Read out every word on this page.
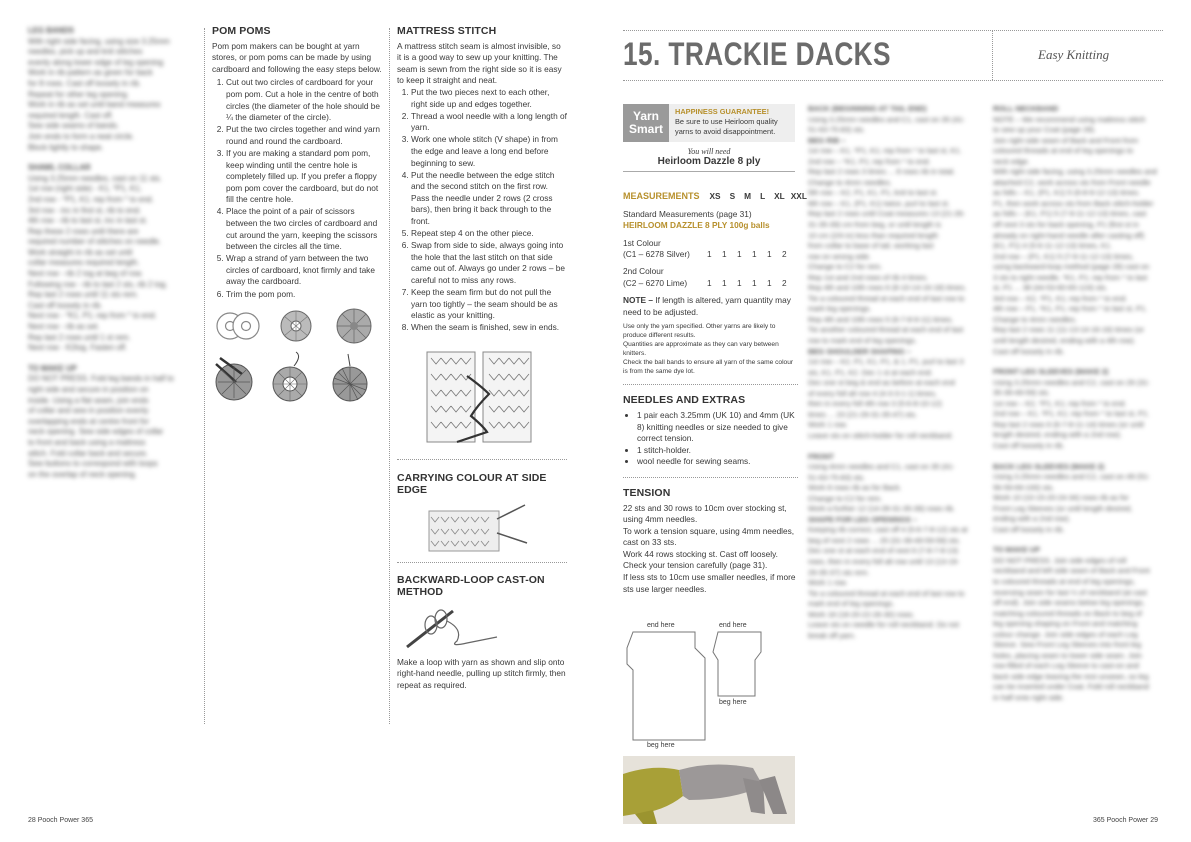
LEG BANDS
With right side facing, using size 3.25mm
needles, pick up and knit stitches
evenly along lower edge of leg opening
Work in rib pattern as given for back
for 8 rows. Cast off loosely in rib.
Repeat for other leg opening.
Work in rib as set until band measures
required length. Cast off.
Sew side seams of bands.
Join ends to form a neat circle.
Block lightly to shape.
SHAWL COLLAR
Using 3.25mm needles, cast on 11 sts.
1st row (right side) - K1, *P1, K1;
2nd row - *P1, K1; rep from * to end.
3rd row - inc in first st, rib to end.
4th row - rib to last st, inc in last st.
Rep these 2 rows until there are
required number of stitches on needle.
Work straight in rib as set until
collar measures required length.
Next row - rib 2 tog at beg of row.
Following row - rib to last 2 sts, rib 2 tog.
Rep last 2 rows until 11 sts rem.
Cast off loosely in rib.
Next row - *K1, P1; rep from * to end.
Next row - rib as set.
Rep last 2 rows until 1 st rem.
Next row - K2tog. Fasten off.
TO MAKE UP
DO NOT PRESS. Fold leg bands in half to
right side and secure in position on
inside. Using a flat seam, join ends
of collar and sew in position evenly
overlapping ends at centre front for
neck opening. Sew side edges of collar
to front and back using a mattress
stitch. Fold collar back and secure.
Sew buttons to correspond with loops
on the overlap of neck opening.
POM POMS

Pom pom makers can be bought at yarn stores, or pom poms can be made by using cardboard and following the easy steps below.

1. Cut out two circles of cardboard for your pom pom. Cut a hole in the centre of both circles (the diameter of the hole should be ¼ the diameter of the circle).
2. Put the two circles together and wind yarn round and round the cardboard.
3. If you are making a standard pom pom, keep winding until the centre hole is completely filled up. If you prefer a floppy pom pom cover the cardboard, but do not fill the centre hole.
4. Place the point of a pair of scissors between the two circles of cardboard and cut around the yarn, keeping the scissors between the circles all the time.
5. Wrap a strand of yarn between the two circles of cardboard, knot firmly and take away the cardboard.
6. Trim the pom pom.
MATTRESS STITCH

A mattress stitch seam is almost invisible, so it is a good way to sew up your knitting. The seam is sewn from the right side so it is easy to keep it straight and neat.

1. Put the two pieces next to each other, right side up and edges together.
2. Thread a wool needle with a long length of yarn.
3. Work one whole stitch (V shape) in from the edge and leave a long end before beginning to sew.
4. Put the needle between the edge stitch and the second stitch on the first row. Pass the needle under 2 rows (2 cross bars), then bring it back through to the front.
5. Repeat step 4 on the other piece.
6. Swap from side to side, always going into the hole that the last stitch on that side came out of. Always go under 2 rows – be careful not to miss any rows.
7. Keep the seam firm but do not pull the yarn too tightly – the seam should be as elastic as your knitting.
8. When the seam is finished, sew in ends.
CARRYING COLOUR AT SIDE EDGE
BACKWARD-LOOP CAST-ON METHOD

Make a loop with yarn as shown and slip onto right-hand needle, pulling up stitch firmly, then repeat as required.

28 Pooch Power 365
15. TRACKIE DACKS	Easy Knitting
Yarn
Smart
HAPPINESS GUARANTEE!
Be sure to use Heirloom quality yarns to avoid disappointment.
You will need
Heirloom Dazzle 8 ply
MEASUREMENTS XS S M L XL XXL

Standard Measurements (page 31)

HEIRLOOM DAZZLE 8 PLY 100g balls

1st Colour

(C1 – 6278 Silver)	1	1	1	1	1	2

2nd Colour

(C2 – 6270 Lime)	1	1	1	1	1	2

NOTE – If length is altered, yarn quantity may need to be adjusted.

Use only the yarn specified. Other yarns are likely to produce different results.

Quantities are approximate as they can vary between knitters.

Check the ball bands to ensure all yarn of the same colour is from the same dye lot.

NEEDLES AND EXTRAS
• 1 pair each 3.25mm (UK 10) and 4mm (UK 8) knitting needles or size needed to give correct tension.
• 1 stitch-holder.
• wool needle for sewing seams.
TENSION

22 sts and 30 rows to 10cm over stocking st, using 4mm needles.

To work a tension square, using 4mm needles, cast on 33 sts.

Work 44 rows stocking st. Cast off loosely.

Check your tension carefully (page 31).

If less sts to 10cm use smaller needles, if more sts use larger needles.

end here	end here
beg here
beg here
BACK (BEGINNING AT TAIL END)
Using 3.25mm needles and C1, cast on 35 (41-
51-63-75-83) sts.
BEG RIB –
1st row – K1, *P1, K1; rep from * to last st, K1.
2nd row – *K1, P1; rep from * to end.
Rep last 2 rows 3 times ... 8 rows rib in total.
Change to 4mm needles.
5th row – K2, P1, K1, P1, knit to last st.
6th row – K1, (P1, K1) twice, purl to last st.
Rep last 2 rows until Coat measures 13 (21-26-
31-35-39) cm from beg, or until length is
10 cm (2/4 in) less than required length
from collar to base of tail, working last
row on wrong side.
Change to C2 for rem.
Rep 1st and 2nd rows of rib 4 times.
Rep 4th and 10th rows 6 (8-10-14-16-18) times.
Tie a coloured thread at each end of last row to
mark leg openings.
Rep 4th and 10th rows 5 (6-7-8-9-11) times.
Tie another coloured thread at each end of last
row to mark end of leg openings.
BEG SHOULDER SHAPING –
1st row – K2, P1, K1, P1, & 1, P1, purl to last 3
sts, K1, P1, K2. Dec 1 st at each end.
Dec one st beg & end as before at each end
of every foll alt row 4 (4-3-3-1-1) times,
then in every foll 4th row 3 (5-6-8-10-12)
times ... 23 (21-29-31-35-47) sts.
Work 1 row.
Leave sts on stitch-holder for roll neckband.
FRONT
Using 4mm needles and C1, cast on 35 (41-
51-63-75-83) sts.
Work 8 rows rib as for Back.
Change to C2 for rem.
Work a further 12 (14-28-31-35-39) rows rib.
SHAPE FOR LEG OPENINGS –
Keeping rib correct, cast off 4 (5-6-7-8-12) sts at
beg of next 2 rows ... 25 (31-39-49-59-59) sts.
Dec one st at each end of next 6 (7-8-7-8-13)
rows, then in every foll alt row until 13 (13-19-
29-35-37) sts rem.
Work 1 row.
Tie a coloured thread at each end of last row to
mark end of leg openings.
Work 18 (18-20-22-26-30) rows.
Leave sts on needle for roll neckband. Do not
break off yarn.
ROLL NECKBAND
NOTE – We recommend using mattress stitch
to sew up your Coat (page 28).
Join right side seam of Back and Front from
coloured threads at end of leg openings to
neck edge.
With right side facing, using 3.25mm needles and
attached C2, work across sts from Front needle
as folls – K1, (P1, K1) 5 (6-8-9-12-13) times.
P1, then work across sts from Back stitch-holder
as folls – (K1, P1) 5 (7-9-11-12-13) times, cast
off next 3 sts for back opening, P1 (first st in
already on right-hand needle after casting off)
(K1, P1) 4 (5-6-11-12-13) times, K1.
2nd row – (P1, K1) 5 (7-9-11-12-13) times,
using backward-loop method (page 28) cast on
3 sts to right needle, *K1, P1; rep from * to last
st, P1 ... 38 (44-53-60-65-124) sts.
3rd row – K2, *P1, K1; rep from * to end.
4th row – P1, *K1, P1; rep from * to last st, P1.
Change to 4mm needles.
Rep last 2 rows 11 (11-13-14-16-16) times (or
until length desired, ending with a 4th row).
Cast off loosely in rib.
FRONT LEG SLEEVES (MAKE 2)
Using 3.25mm needles and C2, cast on 26 (31-
35-39-49-59) sts.
1st row – K2, *P1, K1; rep from * to end.
2nd row – K1, *P1, K1; rep from * to last st, P1.
Rep last 2 rows 6 (6-7-8-11-14) times (or until
length desired, ending with a 2nd row).
Cast off loosely in rib.
BACK LEG SLEEVES (MAKE 2)
Using 3.25mm needles and C2, cast on 49 (51-
56-59-69-100) sts.
Work 10 (10-15-20-24-34) rows rib as for
Front Leg Sleeves (or until length desired,
ending with a 2nd row).
Cast off loosely in rib.
TO MAKE UP
DO NOT PRESS. Join side edges of roll
neckband and left side seam of Back and Front
to coloured threads at end of leg openings,
reversing seam for last ¼ of neckband (at cast
off end). Join side seams below leg openings,
matching coloured threads on Back to beg of
leg opening shaping on Front and matching
colour change. Join side edges of each Leg
Sleeve. Sew Front Leg Sleeves into front leg
holes, placing seam to lower side seam. Join
row-filled of each Leg Sleeve to cast-on and
back side edge leaving the rest unsewn, so leg
can be inserted under Coat. Fold roll neckband
in half onto right side.
365 Pooch Power 29
